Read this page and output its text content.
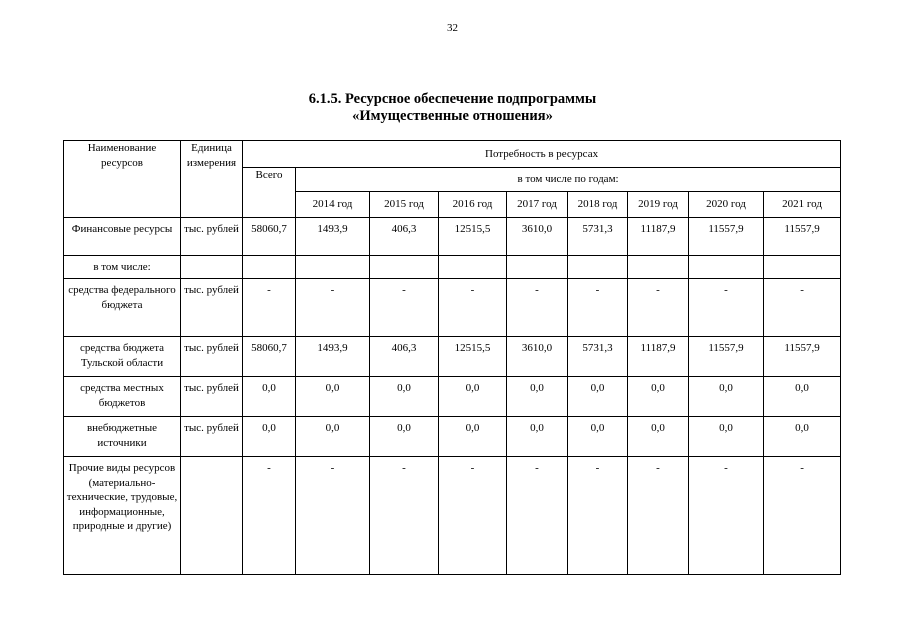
32
6.1.5. Ресурсное обеспечение подпрограммы
«Имущественные отношения»
Наименование ресурсов	Единица измерения	Потребность в ресурсах								
		Всего	в том числе по годам:							
			2014 год	2015 год	2016 год	2017 год	2018 год	2019 год	2020 год	2021 год
Финансовые ресурсы	тыс. рублей	58060,7	1493,9	406,3	12515,5	3610,0	5731,3	11187,9	11557,9	11557,9
в том числе:										
средства федерального бюджета	тыс. рублей	-	-	-	-	-	-	-	-	-
средства бюджета Тульской области	тыс. рублей	58060,7	1493,9	406,3	12515,5	3610,0	5731,3	11187,9	11557,9	11557,9
средства местных бюджетов	тыс. рублей	0,0	0,0	0,0	0,0	0,0	0,0	0,0	0,0	0,0
внебюджетные источники	тыс. рублей	0,0	0,0	0,0	0,0	0,0	0,0	0,0	0,0	0,0
Прочие виды ресурсов (материально-технические, трудовые, информационные, природные и другие)		-	-	-	-	-	-	-	-	-
